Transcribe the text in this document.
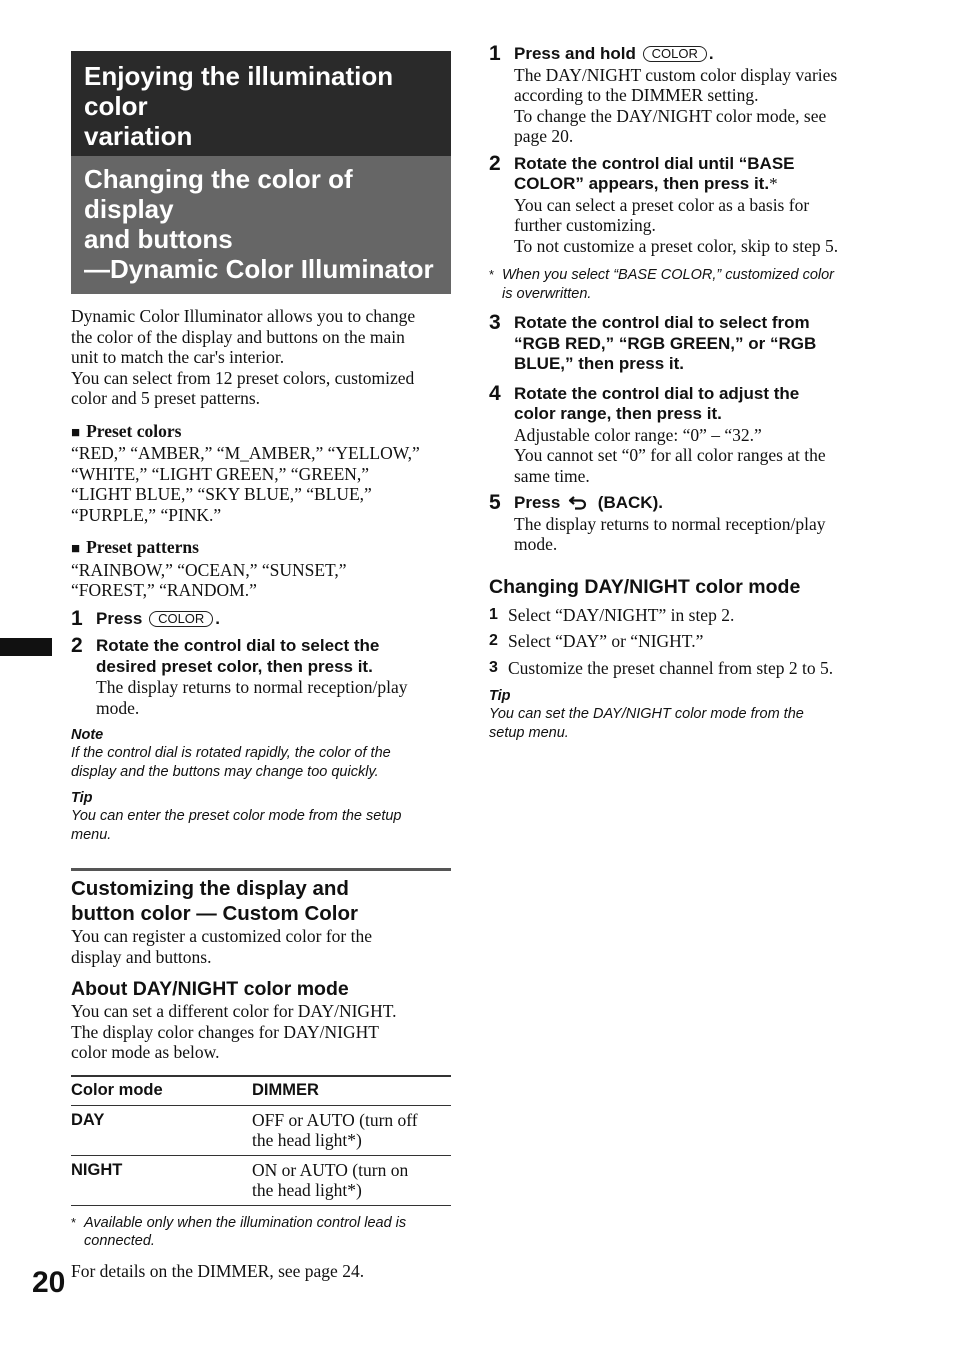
Enjoying the illumination color
variation
Changing the color of display
and buttons
—Dynamic Color Illuminator
Dynamic Color Illuminator allows you to change
the color of the display and buttons on the main
unit to match the car's interior.
You can select from 12 preset colors, customized
color and 5 preset patterns.
■ Preset colors
“RED,” “AMBER,” “M_AMBER,” “YELLOW,”
“WHITE,” “LIGHT GREEN,” “GREEN,”
“LIGHT BLUE,” “SKY BLUE,” “BLUE,”
“PURPLE,” “PINK.”
■ Preset patterns
“RAINBOW,” “OCEAN,” “SUNSET,”
“FOREST,” “RANDOM.”
1 Press COLOR .
2 Rotate the control dial to select the
desired preset color, then press it.
The display returns to normal reception/play
mode.
Note
If the control dial is rotated rapidly, the color of the
display and the buttons may change too quickly.
Tip
You can enter the preset color mode from the setup
menu.
Customizing the display and
button color — Custom Color
You can register a customized color for the
display and buttons.
About DAY/NIGHT color mode
You can set a different color for DAY/NIGHT.
The display color changes for DAY/NIGHT
color mode as below.
Color mode	DIMMER
DAY	OFF or AUTO (turn off
the head light*)

NIGHT	ON or AUTO (turn on
the head light*)
* Available only when the illumination control lead is
connected.
For details on the DIMMER, see page 24.
1 Press and hold COLOR .
The DAY/NIGHT custom color display varies
according to the DIMMER setting.
To change the DAY/NIGHT color mode, see
page 20.
2 Rotate the control dial until “BASE
COLOR” appears, then press it.*
You can select a preset color as a basis for
further customizing.
To not customize a preset color, skip to step 5.
* When you select “BASE COLOR,” customized color
is overwritten.
3 Rotate the control dial to select from
“RGB RED,” “RGB GREEN,” or “RGB
BLUE,” then press it.
4 Rotate the control dial to adjust the
color range, then press it.
Adjustable color range: “0” – “32.”
You cannot set “0” for all color ranges at the
same time.
5 Press (BACK).
The display returns to normal reception/play
mode.
Changing DAY/NIGHT color mode
1 Select “DAY/NIGHT” in step 2.
2 Select “DAY” or “NIGHT.”
3 Customize the preset channel from step 2 to 5.
Tip
You can set the DAY/NIGHT color mode from the
setup menu.
20
